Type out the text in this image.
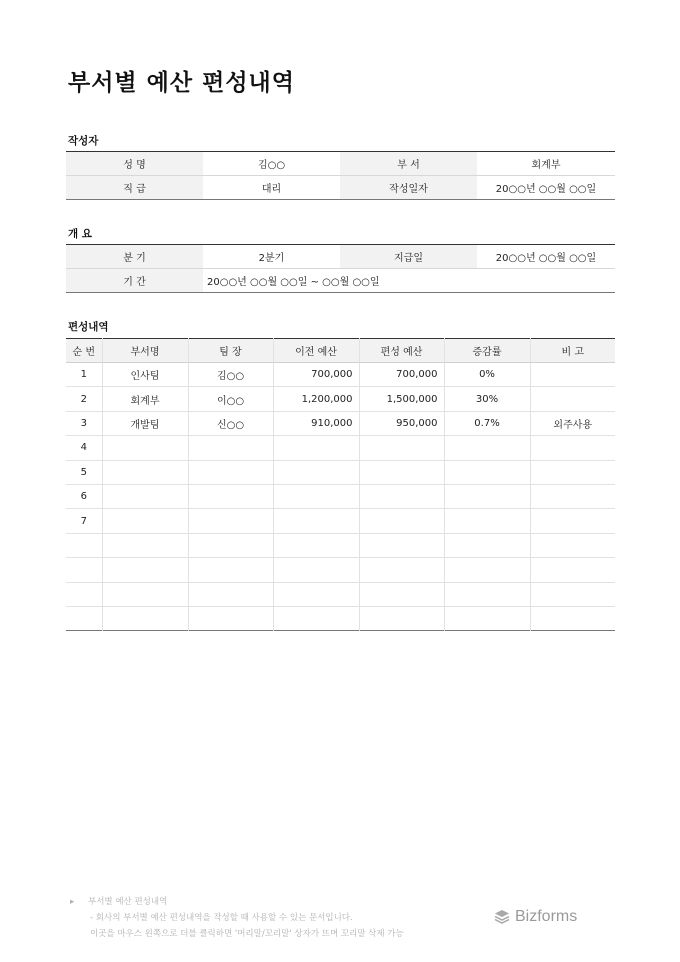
부서별 예산 편성내역
작성자
성 명	김○○	부 서	회계부
직 급	대리	작성일자	20○○년 ○○월 ○○일
개 요
분 기	2분기	지급일	20○○년 ○○월 ○○일
기 간	20○○년 ○○월 ○○일 ~ ○○월 ○○일		
편성내역
순 번	부서명	팀 장	이전 예산	편성 예산	증감률	비 고
1	인사팀	김○○	700,000	700,000	0%	
2	회계부	이○○	1,200,000	1,500,000	30%	
3	개발팀	신○○	910,000	950,000	0.7%	외주사용
4						
5						
6						
7						

▸ 부서별 예산 편성내역
- 회사의 부서별 예산 편성내역을 작성할 때 사용할 수 있는 문서입니다.
이곳을 마우스 왼쪽으로 더블 클릭하면 '머리말/꼬리말' 상자가 뜨며 꼬리말 삭제 가능
Bizforms
